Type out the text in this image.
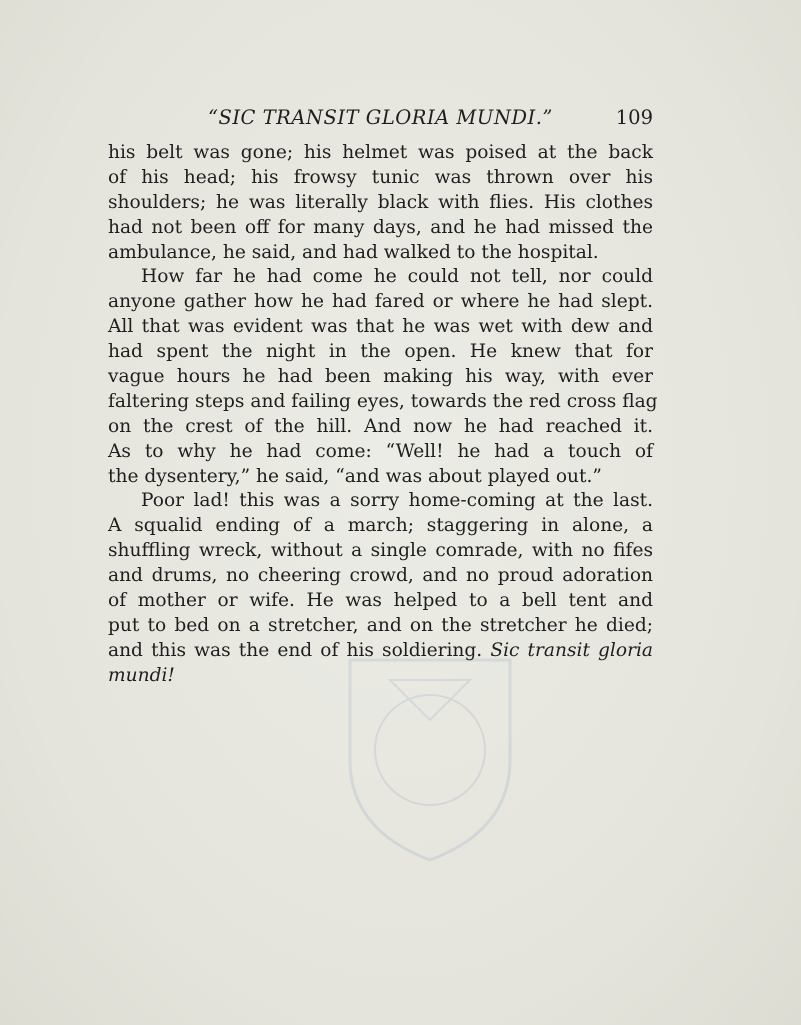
“SIC TRANSIT GLORIA MUNDI.”	109
his belt was gone; his helmet was poised at the back
of his head; his frowsy tunic was thrown over his
shoulders; he was literally black with flies. His clothes
had not been off for many days, and he had missed the
ambulance, he said, and had walked to the hospital.
How far he had come he could not tell, nor could
anyone gather how he had fared or where he had slept.
All that was evident was that he was wet with dew and
had spent the night in the open. He knew that for
vague hours he had been making his way, with ever
faltering steps and failing eyes, towards the red cross flag
on the crest of the hill. And now he had reached it.
As to why he had come: “Well! he had a touch of
the dysentery,” he said, “and was about played out.”
Poor lad! this was a sorry home-coming at the last.
A squalid ending of a march; staggering in alone, a
shuffling wreck, without a single comrade, with no fifes
and drums, no cheering crowd, and no proud adoration
of mother or wife. He was helped to a bell tent and
put to bed on a stretcher, and on the stretcher he died;
and this was the end of his soldiering. Sic transit gloria
mundi!
